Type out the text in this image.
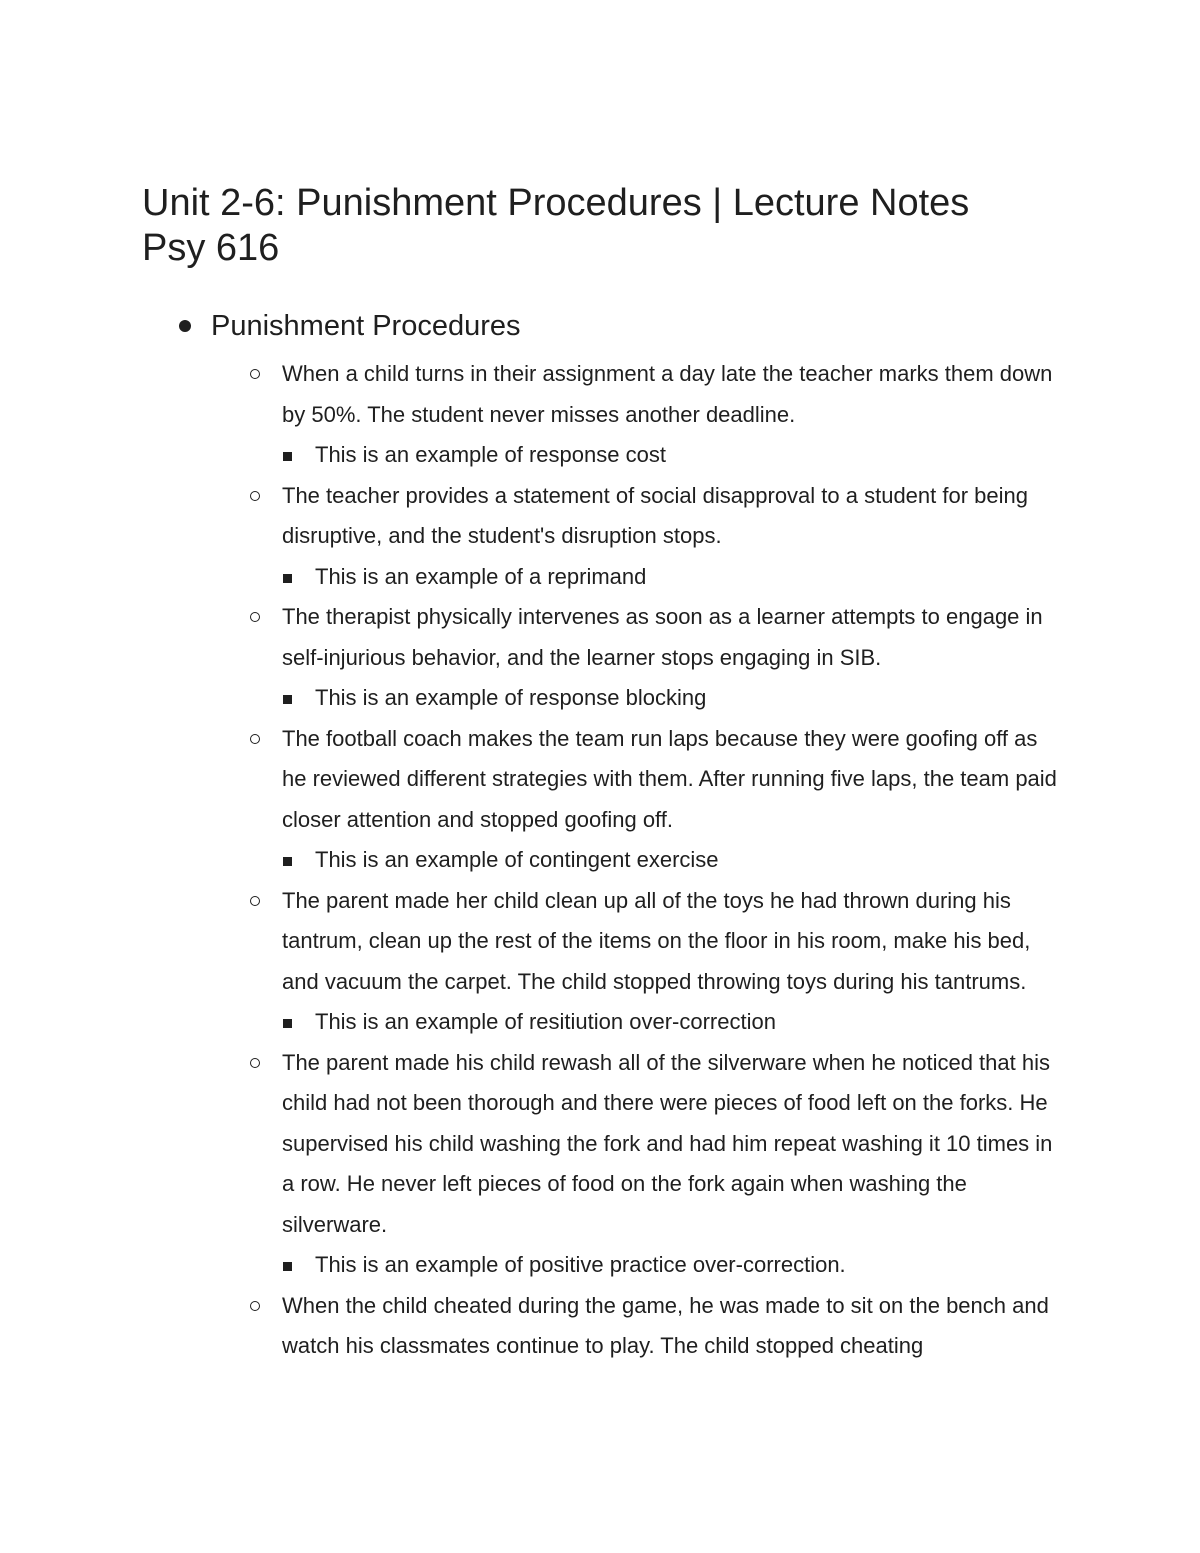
Unit 2-6: Punishment Procedures | Lecture Notes Psy 616
Punishment Procedures
When a child turns in their assignment a day late the teacher marks them down by 50%. The student never misses another deadline.
This is an example of response cost
The teacher provides a statement of social disapproval to a student for being disruptive, and the student's disruption stops.
This is an example of a reprimand
The therapist physically intervenes as soon as a learner attempts to engage in self-injurious behavior, and the learner stops engaging in SIB.
This is an example of response blocking
The football coach makes the team run laps because they were goofing off as he reviewed different strategies with them. After running five laps, the team paid closer attention and stopped goofing off.
This is an example of contingent exercise
The parent made her child clean up all of the toys he had thrown during his tantrum, clean up the rest of the items on the floor in his room, make his bed, and vacuum the carpet. The child stopped throwing toys during his tantrums.
This is an example of resitiution over-correction
The parent made his child rewash all of the silverware when he noticed that his child had not been thorough and there were pieces of food left on the forks. He supervised his child washing the fork and had him repeat washing it 10 times in a row. He never left pieces of food on the fork again when washing the silverware.
This is an example of positive practice over-correction.
When the child cheated during the game, he was made to sit on the bench and watch his classmates continue to play. The child stopped cheating
